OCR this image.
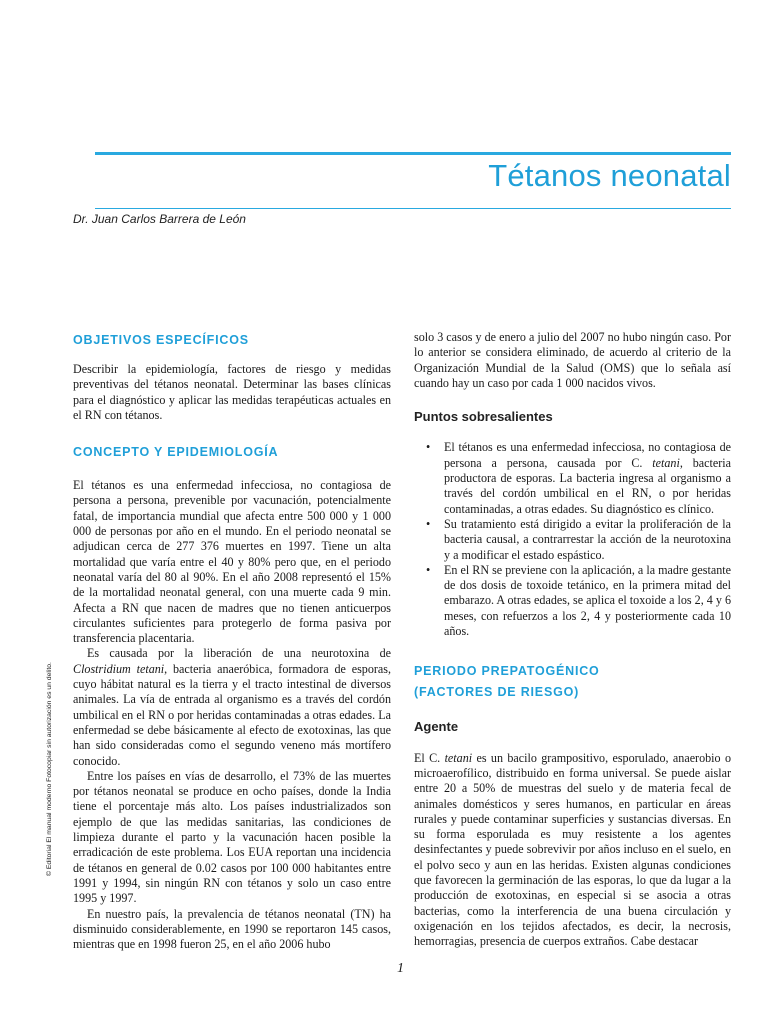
Tétanos neonatal
Dr. Juan Carlos Barrera de León
OBJETIVOS ESPECÍFICOS

Describir la epidemiología, factores de riesgo y medidas preventivas del tétanos neonatal. Determinar las bases clínicas para el diagnóstico y aplicar las medidas terapéuticas actuales en el RN con tétanos.

CONCEPTO Y EPIDEMIOLOGÍA

El tétanos es una enfermedad infecciosa, no contagiosa de persona a persona, prevenible por vacunación, potencialmente fatal, de importancia mundial que afecta entre 500 000 y 1 000 000 de personas por año en el mundo. En el periodo neonatal se adjudican cerca de 277 376 muertes en 1997. Tiene un alta mortalidad que varía entre el 40 y 80% pero que, en el periodo neonatal varía del 80 al 90%. En el año 2008 representó el 15% de la mortalidad neonatal general, con una muerte cada 9 min. Afecta a RN que nacen de madres que no tienen anticuerpos circulantes suficientes para protegerlo de forma pasiva por transferencia placentaria.

Es causada por la liberación de una neurotoxina de Clostridium tetani, bacteria anaeróbica, formadora de esporas, cuyo hábitat natural es la tierra y el tracto intestinal de diversos animales. La vía de entrada al organismo es a través del cordón umbilical en el RN o por heridas contaminadas a otras edades. La enfermedad se debe básicamente al efecto de exotoxinas, las que han sido consideradas como el segundo veneno más mortífero conocido.

Entre los países en vías de desarrollo, el 73% de las muertes por tétanos neonatal se produce en ocho países, donde la India tiene el porcentaje más alto. Los países industrializados son ejemplo de que las medidas sanitarias, las condiciones de limpieza durante el parto y la vacunación hacen posible la erradicación de este problema. Los EUA reportan una incidencia de tétanos en general de 0.02 casos por 100 000 habitantes entre 1991 y 1994, sin ningún RN con tétanos y solo un caso entre 1995 y 1997.

En nuestro país, la prevalencia de tétanos neonatal (TN) ha disminuido considerablemente, en 1990 se reportaron 145 casos, mientras que en 1998 fueron 25, en el año 2006 hubo

solo 3 casos y de enero a julio del 2007 no hubo ningún caso. Por lo anterior se considera eliminado, de acuerdo al criterio de la Organización Mundial de la Salud (OMS) que lo señala así cuando hay un caso por cada 1 000 nacidos vivos.

Puntos sobresalientes
• El tétanos es una enfermedad infecciosa, no contagiosa de persona a persona, causada por C. tetani, bacteria productora de esporas. La bacteria ingresa al organismo a través del cordón umbilical en el RN, o por heridas contaminadas, a otras edades. Su diagnóstico es clínico.
• Su tratamiento está dirigido a evitar la proliferación de la bacteria causal, a contrarrestar la acción de la neurotoxina y a modificar el estado espástico.
• En el RN se previene con la aplicación, a la madre gestante de dos dosis de toxoide tetánico, en la primera mitad del embarazo. A otras edades, se aplica el toxoide a los 2, 4 y 6 meses, con refuerzos a los 2, 4 y posteriormente cada 10 años.
PERIODO PREPATOGÉNICO
(FACTORES DE RIESGO)
Agente

El C. tetani es un bacilo grampositivo, esporulado, anaerobio o microaerofílico, distribuido en forma universal. Se puede aislar entre 20 a 50% de muestras del suelo y de materia fecal de animales domésticos y seres humanos, en particular en áreas rurales y puede contaminar superficies y sustancias diversas. En su forma esporulada es muy resistente a los agentes desinfectantes y puede sobrevivir por años incluso en el suelo, en el polvo seco y aun en las heridas. Existen algunas condiciones que favorecen la germinación de las esporas, lo que da lugar a la producción de exotoxinas, en especial si se asocia a otras bacterias, como la interferencia de una buena circulación y oxigenación en los tejidos afectados, es decir, la necrosis, hemorragias, presencia de cuerpos extraños. Cabe destacar

© Editorial El manual moderno Fotocopiar sin autorización es un delito.
1
